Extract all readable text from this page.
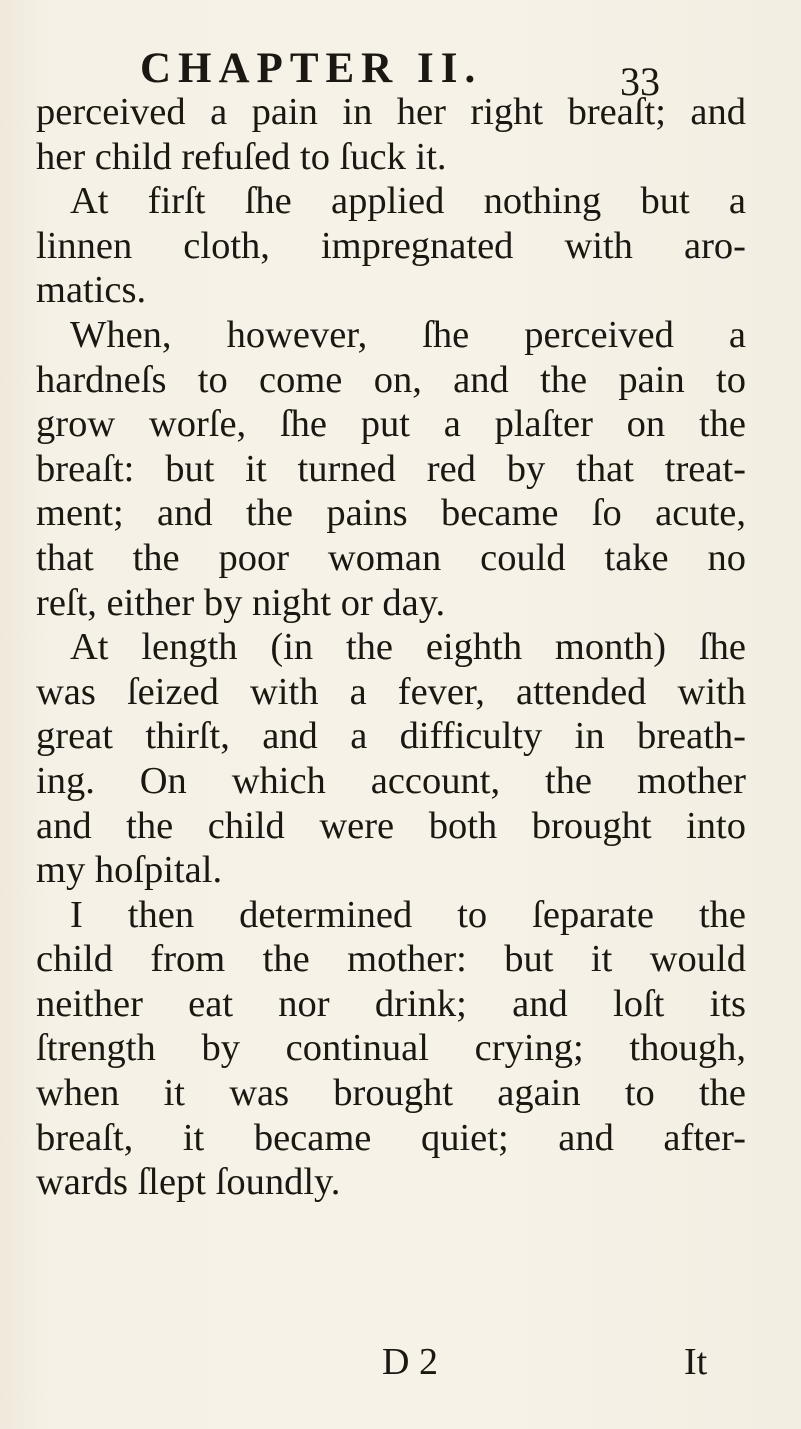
CHAPTER II.	33
perceived a pain in her right breaſt; and
her child refuſed to ſuck it.
At firſt ſhe applied nothing but a
linnen cloth, impregnated with aro-
matics.
When, however, ſhe perceived a
hardneſs to come on, and the pain to
grow worſe, ſhe put a plaſter on the
breaſt: but it turned red by that treat-
ment; and the pains became ſo acute,
that the poor woman could take no
reſt, either by night or day.
At length (in the eighth month) ſhe
was ſeized with a fever, attended with
great thirſt, and a difficulty in breath-
ing. On which account, the mother
and the child were both brought into
my hoſpital.
I then determined to ſeparate the
child from the mother: but it would
neither eat nor drink; and loſt its
ſtrength by continual crying; though,
when it was brought again to the
breaſt, it became quiet; and after-
wards ſlept ſoundly.
D 2	It
